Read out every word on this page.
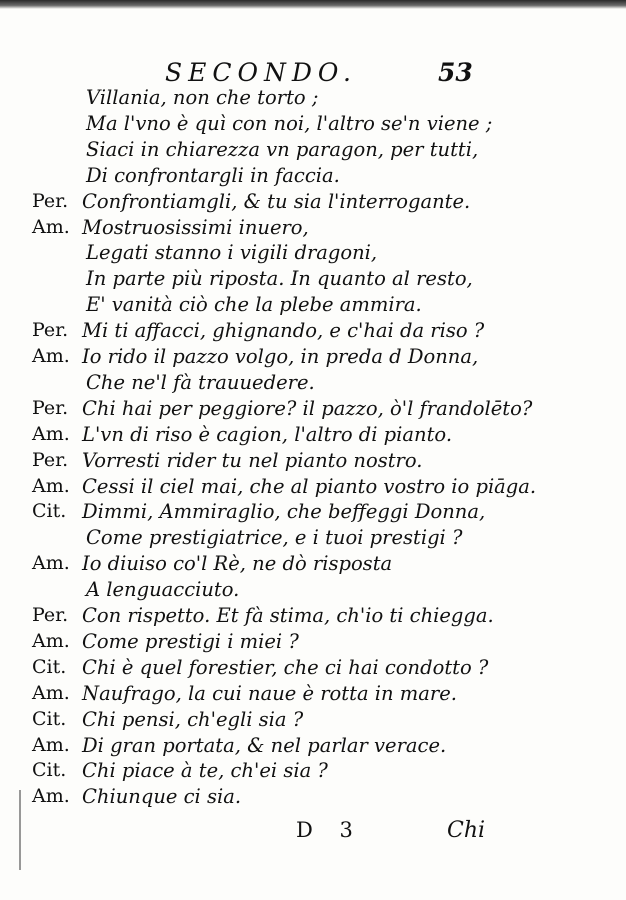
SECONDO.	53
Villania, non che torto ;
Ma l'vno è quì con noi, l'altro se'n viene ;
Siaci in chiarezza vn paragon, per tutti,
Di confrontargli in faccia.
Per. Confrontiamgli, & tu sia l'interrogante.
Am. Mostruosissimi inuero,
Legati stanno i vigili dragoni,
In parte più riposta. In quanto al resto,
E' vanità ciò che la plebe ammira.
Per. Mi ti affacci, ghignando, e c'hai da riso ?
Am. Io rido il pazzo volgo, in preda d Donna,
Che ne'l fà trauuedere.
Per. Chi hai per peggiore? il pazzo, ò'l frandolēto?
Am. L'vn di riso è cagion, l'altro di pianto.
Per. Vorresti rider tu nel pianto nostro.
Am. Cessi il ciel mai, che al pianto vostro io piāga.
Cit. Dimmi, Ammiraglio, che beffeggi Donna,
Come prestigiatrice, e i tuoi prestigi ?
Am. Io diuiso co'l Rè, ne dò risposta
A lenguacciuto.
Per. Con rispetto. Et fà stima, ch'io ti chiegga.
Am. Come prestigi i miei ?
Cit. Chi è quel forestier, che ci hai condotto ?
Am. Naufrago, la cui naue è rotta in mare.
Cit. Chi pensi, ch'egli sia ?
Am. Di gran portata, & nel parlar verace.
Cit. Chi piace à te, ch'ei sia ?
Am. Chiunque ci sia.
D 3	Chi
